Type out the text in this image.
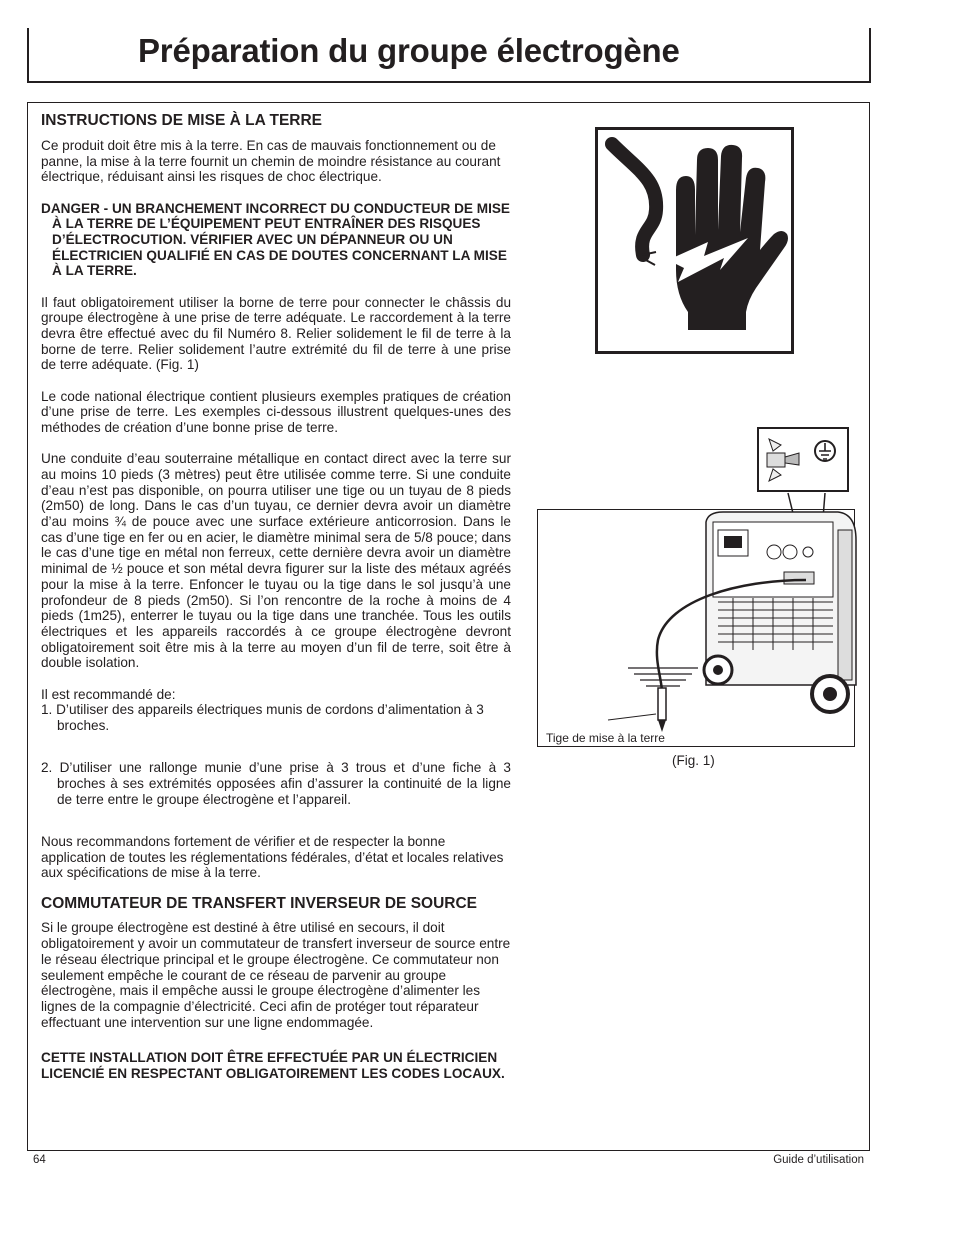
Préparation du groupe électrogène
INSTRUCTIONS DE MISE À LA TERRE

Ce produit doit être mis à la terre. En cas de mauvais fonctionnement ou de panne, la mise à la terre fournit un chemin de moindre résistance au courant électrique, réduisant ainsi les risques de choc électrique.

DANGER - UN BRANCHEMENT INCORRECT DU CONDUCTEUR DE MISE À LA TERRE DE L’ÉQUIPEMENT PEUT ENTRAÎNER DES RISQUES D’ÉLECTROCUTION. VÉRIFIER AVEC UN DÉPANNEUR OU UN ÉLECTRICIEN QUALIFIÉ EN CAS DE DOUTES CONCERNANT LA MISE À LA TERRE.

Il faut obligatoirement utiliser la borne de terre pour connecter le châssis du groupe électrogène à une prise de terre adéquate. Le raccordement à la terre devra être effectué avec du fil Numéro 8. Relier solidement le fil de terre à la borne de terre. Relier solidement l’autre extrémité du fil de terre à une prise de terre adéquate. (Fig. 1)

Le code national électrique contient plusieurs exemples pratiques de création d’une prise de terre. Les exemples ci-dessous illustrent quelques-unes des méthodes de création d’une bonne prise de terre.

Une conduite d’eau souterraine métallique en contact direct avec la terre sur au moins 10 pieds (3 mètres) peut être utilisée comme terre. Si une conduite d’eau n’est pas disponible, on pourra utiliser une tige ou un tuyau de 8 pieds (2m50) de long. Dans le cas d’un tuyau, ce dernier devra avoir un diamètre d’au moins ¾ de pouce avec une surface extérieure anticorrosion. Dans le cas d’une tige en fer ou en acier, le diamètre minimal sera de 5/8 pouce; dans le cas d’une tige en métal non ferreux, cette dernière devra avoir un diamètre minimal de ½ pouce et son métal devra figurer sur la liste des métaux agréés pour la mise à la terre. Enfoncer le tuyau ou la tige dans le sol jusqu’à une profondeur de 8 pieds (2m50). Si l’on rencontre de la roche à moins de 4 pieds (1m25), enterrer le tuyau ou la tige dans une tranchée. Tous les outils électriques et les appareils raccordés à ce groupe électrogène devront obligatoirement soit être mis à la terre au moyen d’un fil de terre, soit être à double isolation.

Il est recommandé de:

1. D’utiliser des appareils électriques munis de cordons d’alimentation à 3 broches.

2. D’utiliser une rallonge munie d’une prise à 3 trous et d’une fiche à 3 broches à ses extrémités opposées afin d’assurer la continuité de la ligne de terre entre le groupe électrogène et l’appareil.

Nous recommandons fortement de vérifier et de respecter la bonne application de toutes les réglementations fédérales, d’état et locales relatives aux spécifications de mise à la terre.

COMMUTATEUR DE TRANSFERT INVERSEUR DE SOURCE

Si le groupe électrogène est destiné à être utilisé en secours, il doit obligatoirement y avoir un commutateur de transfert inverseur de source entre le réseau électrique principal et le groupe électrogène. Ce commutateur non seulement empêche le courant de ce réseau de parvenir au groupe électrogène, mais il empêche aussi le groupe électrogène d’alimenter les lignes de la compagnie d’électricité. Ceci afin de protéger tout réparateur effectuant une intervention sur une ligne endommagée.

CETTE INSTALLATION DOIT ÊTRE EFFECTUÉE PAR UN ÉLECTRICIEN LICENCIÉ EN RESPECTANT OBLIGATOIREMENT LES CODES LOCAUX.

Tige de mise à la terre
(Fig. 1)
64	Guide d’utilisation
